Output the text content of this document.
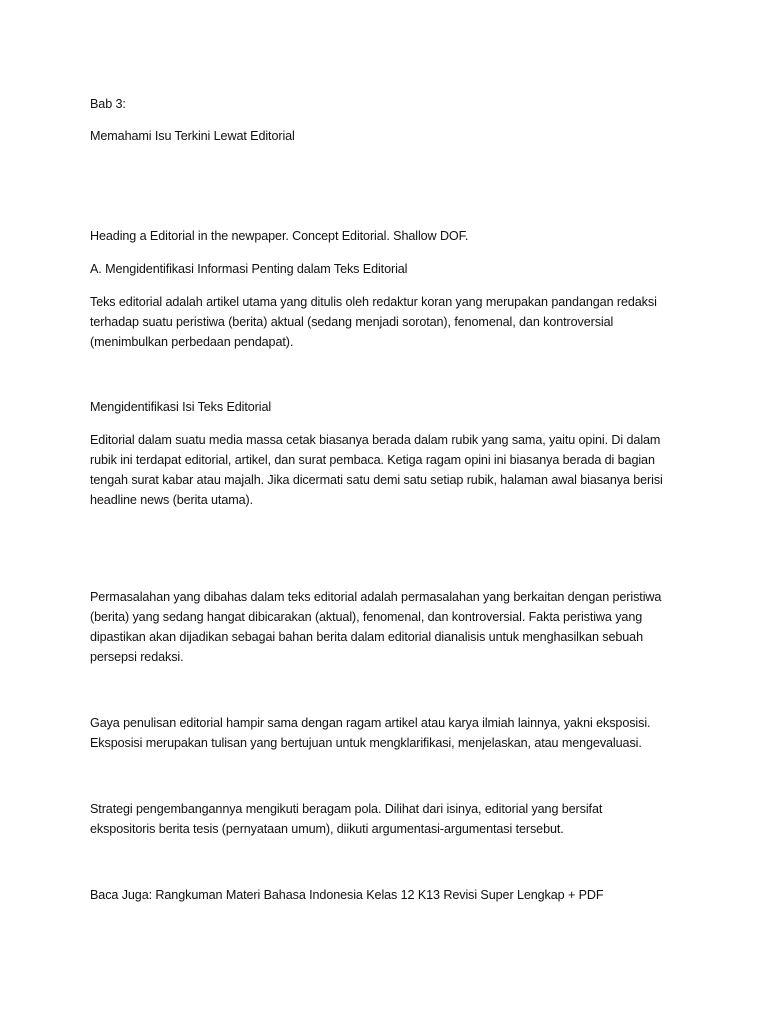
Bab 3:

Memahami Isu Terkini Lewat Editorial

Heading a Editorial in the newpaper. Concept Editorial. Shallow DOF.

A. Mengidentifikasi Informasi Penting dalam Teks Editorial

Teks editorial adalah artikel utama yang ditulis oleh redaktur koran yang merupakan pandangan redaksi
terhadap suatu peristiwa (berita) aktual (sedang menjadi sorotan), fenomenal, dan kontroversial
(menimbulkan perbedaan pendapat).

Mengidentifikasi Isi Teks Editorial

Editorial dalam suatu media massa cetak biasanya berada dalam rubik yang sama, yaitu opini. Di dalam
rubik ini terdapat editorial, artikel, dan surat pembaca. Ketiga ragam opini ini biasanya berada di bagian
tengah surat kabar atau majalh. Jika dicermati satu demi satu setiap rubik, halaman awal biasanya berisi
headline news (berita utama).
Permasalahan yang dibahas dalam teks editorial adalah permasalahan yang berkaitan dengan peristiwa
(berita) yang sedang hangat dibicarakan (aktual), fenomenal, dan kontroversial. Fakta peristiwa yang
dipastikan akan dijadikan sebagai bahan berita dalam editorial dianalisis untuk menghasilkan sebuah
persepsi redaksi.
Gaya penulisan editorial hampir sama dengan ragam artikel atau karya ilmiah lainnya, yakni eksposisi.
Eksposisi merupakan tulisan yang bertujuan untuk mengklarifikasi, menjelaskan, atau mengevaluasi.
Strategi pengembangannya mengikuti beragam pola. Dilihat dari isinya, editorial yang bersifat
ekspositoris berita tesis (pernyataan umum), diikuti argumentasi-argumentasi tersebut.

Baca Juga: Rangkuman Materi Bahasa Indonesia Kelas 12 K13 Revisi Super Lengkap + PDF
